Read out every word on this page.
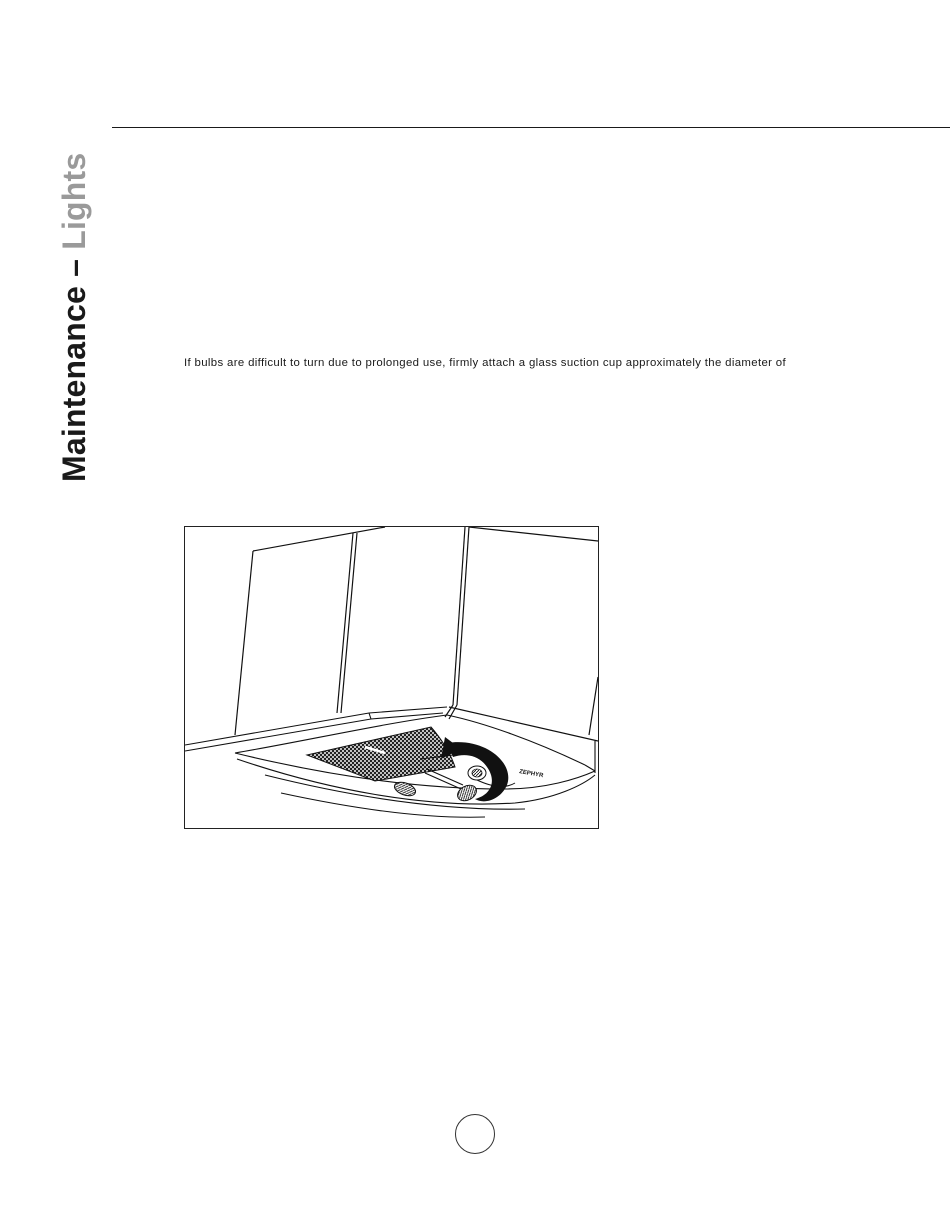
Maintenance – Lights
If bulbs are difficult to turn due to prolonged use, firmly attach a glass suction cup approximately the diameter of
ZEPHYR
